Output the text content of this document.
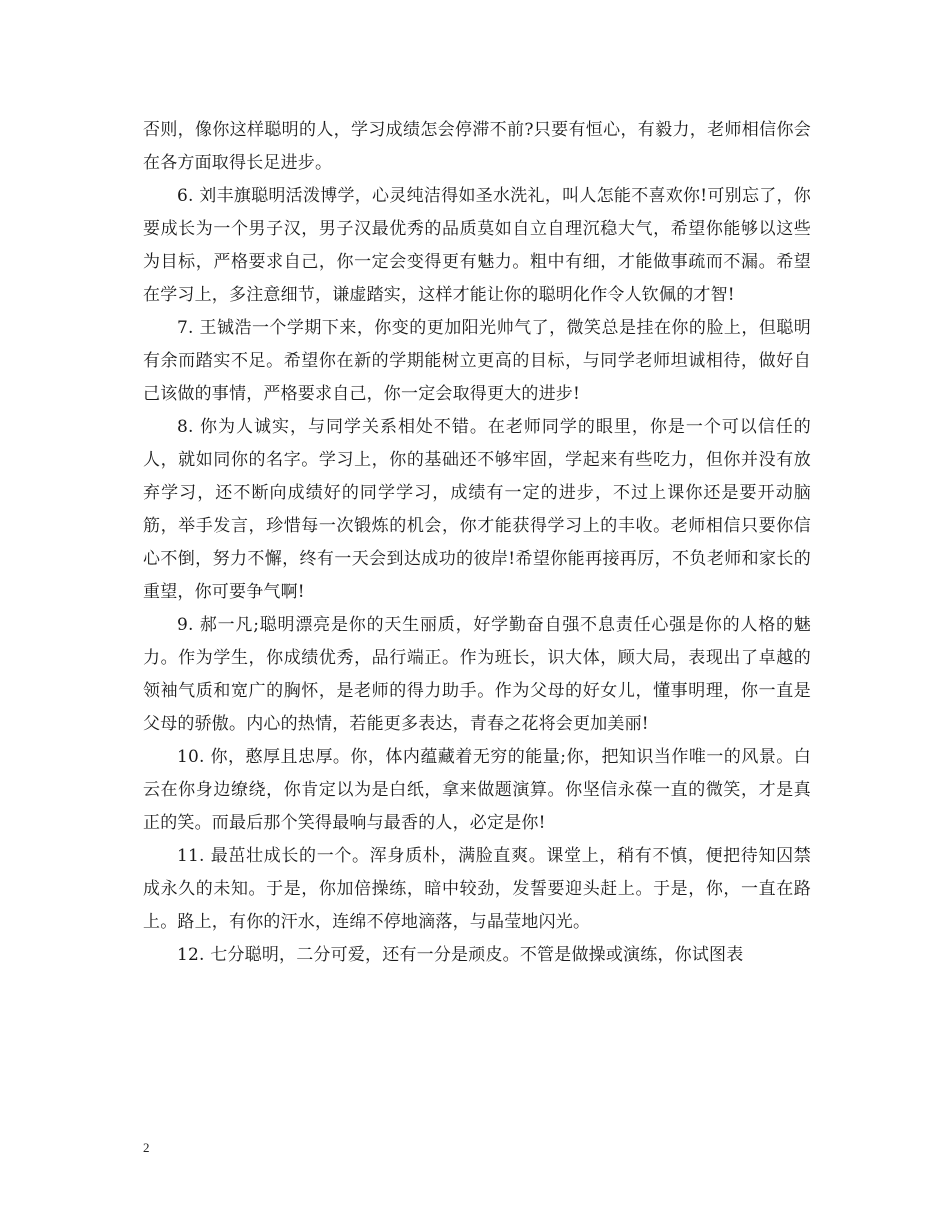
否则，像你这样聪明的人，学习成绩怎会停滞不前?只要有恒心，有毅力，老师相信你会在各方面取得长足进步。

6. 刘丰旗聪明活泼博学，心灵纯洁得如圣水洗礼，叫人怎能不喜欢你!可别忘了，你要成长为一个男子汉，男子汉最优秀的品质莫如自立自理沉稳大气，希望你能够以这些为目标，严格要求自己，你一定会变得更有魅力。粗中有细，才能做事疏而不漏。希望在学习上，多注意细节，谦虚踏实，这样才能让你的聪明化作令人钦佩的才智!

7. 王铖浩一个学期下来，你变的更加阳光帅气了，微笑总是挂在你的脸上，但聪明有余而踏实不足。希望你在新的学期能树立更高的目标，与同学老师坦诚相待，做好自己该做的事情，严格要求自己，你一定会取得更大的进步!

8. 你为人诚实，与同学关系相处不错。在老师同学的眼里，你是一个可以信任的人，就如同你的名字。学习上，你的基础还不够牢固，学起来有些吃力，但你并没有放弃学习，还不断向成绩好的同学学习，成绩有一定的进步，不过上课你还是要开动脑筋，举手发言，珍惜每一次锻炼的机会，你才能获得学习上的丰收。老师相信只要你信心不倒，努力不懈，终有一天会到达成功的彼岸!希望你能再接再厉，不负老师和家长的重望，你可要争气啊!

9. 郝一凡;聪明漂亮是你的天生丽质，好学勤奋自强不息责任心强是你的人格的魅力。作为学生，你成绩优秀，品行端正。作为班长，识大体，顾大局，表现出了卓越的领袖气质和宽广的胸怀，是老师的得力助手。作为父母的好女儿，懂事明理，你一直是父母的骄傲。内心的热情，若能更多表达，青春之花将会更加美丽!

10. 你，憨厚且忠厚。你，体内蕴藏着无穷的能量;你，把知识当作唯一的风景。白云在你身边缭绕，你肯定以为是白纸，拿来做题演算。你坚信永葆一直的微笑，才是真正的笑。而最后那个笑得最响与最香的人，必定是你!

11. 最茁壮成长的一个。浑身质朴，满脸直爽。课堂上，稍有不慎，便把待知囚禁成永久的未知。于是，你加倍操练，暗中较劲，发誓要迎头赶上。于是，你，一直在路上。路上，有你的汗水，连绵不停地滴落，与晶莹地闪光。

12. 七分聪明，二分可爱，还有一分是顽皮。不管是做操或演练，你试图表

2
